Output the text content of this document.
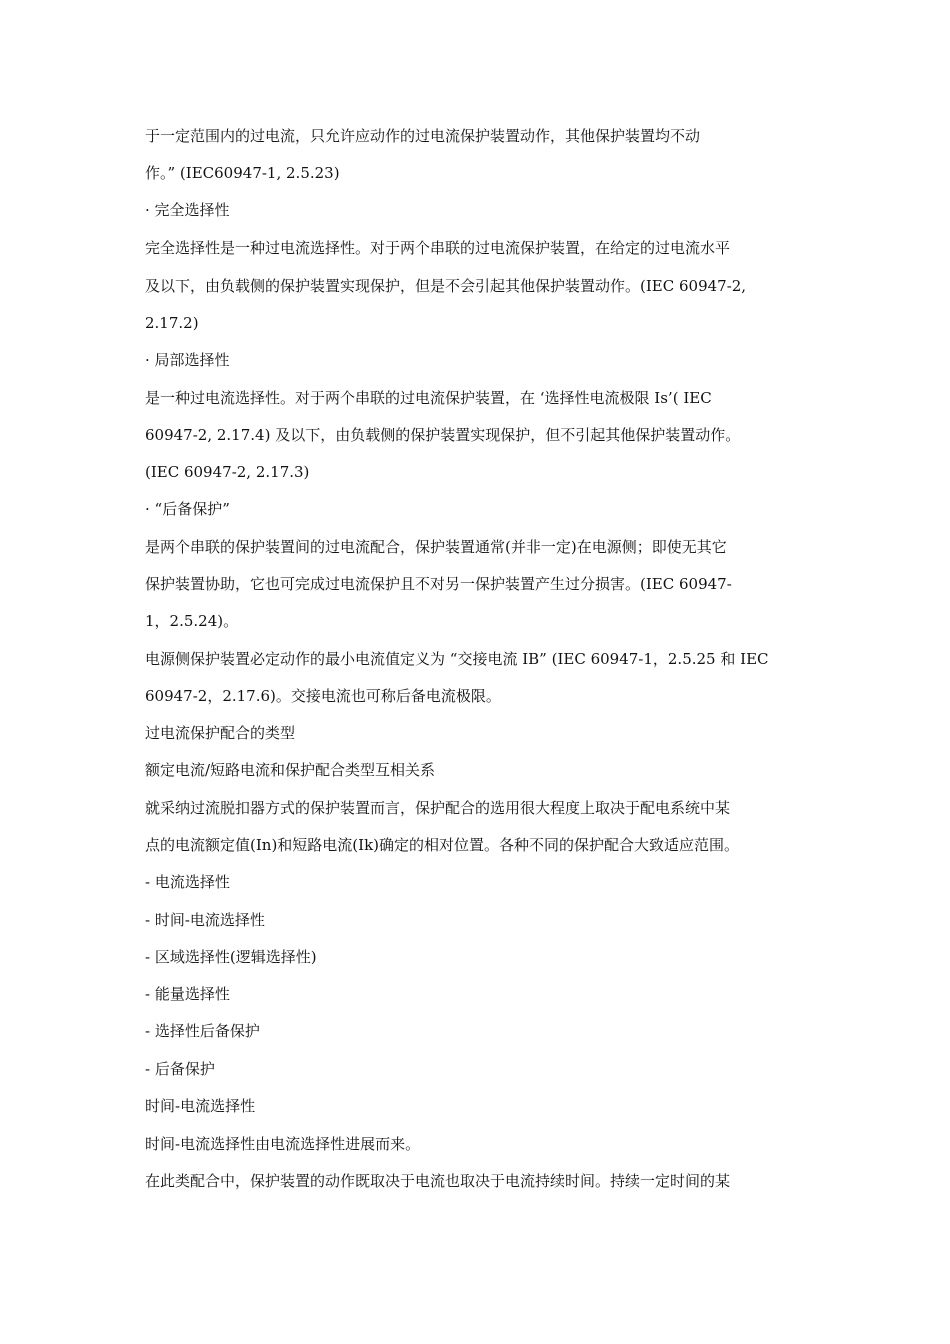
于一定范围内的过电流，只允许应动作的过电流保护装置动作，其他保护装置均不动
作。” (IEC60947-1, 2.5.23)
· 完全选择性
完全选择性是一种过电流选择性。对于两个串联的过电流保护装置，在给定的过电流水平
及以下，由负载侧的保护装置实现保护，但是不会引起其他保护装置动作。(IEC 60947-2,
2.17.2)
· 局部选择性
是一种过电流选择性。对于两个串联的过电流保护装置，在 ‘选择性电流极限 Is’( IEC
60947-2, 2.17.4) 及以下，由负载侧的保护装置实现保护，但不引起其他保护装置动作。
(IEC 60947-2, 2.17.3)
· “后备保护”
是两个串联的保护装置间的过电流配合，保护装置通常(并非一定)在电源侧；即使无其它
保护装置协助，它也可完成过电流保护且不对另一保护装置产生过分损害。(IEC 60947-
1，2.5.24)。
电源侧保护装置必定动作的最小电流值定义为 “交接电流 IB” (IEC 60947-1，2.5.25 和 IEC
60947-2，2.17.6)。交接电流也可称后备电流极限。
过电流保护配合的类型
额定电流/短路电流和保护配合类型互相关系
就采纳过流脱扣器方式的保护装置而言，保护配合的选用很大程度上取决于配电系统中某
点的电流额定值(In)和短路电流(Ik)确定的相对位置。各种不同的保护配合大致适应范围。
- 电流选择性
- 时间-电流选择性
- 区域选择性(逻辑选择性)
- 能量选择性
- 选择性后备保护
- 后备保护
时间-电流选择性
时间-电流选择性由电流选择性进展而来。
在此类配合中，保护装置的动作既取决于电流也取决于电流持续时间。持续一定时间的某
